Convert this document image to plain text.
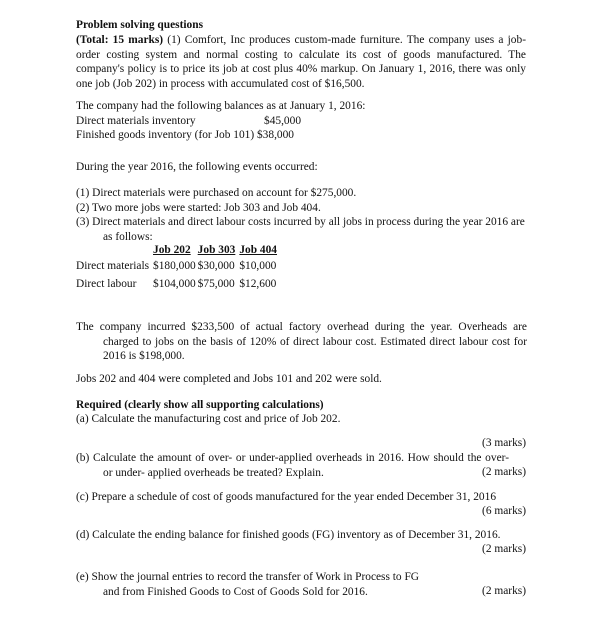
Problem solving questions
(Total: 15 marks) (1) Comfort, Inc produces custom-made furniture. The company uses a job-order costing system and normal costing to calculate its cost of goods manufactured. The company's policy is to price its job at cost plus 40% markup. On January 1, 2016, there was only one job (Job 202) in process with accumulated cost of $16,500.
The company had the following balances as at January 1, 2016:
Direct materials inventory	$45,000
Finished goods inventory (for Job 101) $38,000
During the year 2016, the following events occurred:
(1) Direct materials were purchased on account for $275,000.
(2) Two more jobs were started: Job 303 and Job 404.
(3) Direct materials and direct labour costs incurred by all jobs in process during the year 2016 are as follows:
	Job 202	Job 303	Job 404
Direct materials	$180,000	$30,000	$10,000
Direct labour	$104,000	$75,000	$12,600
The company incurred $233,500 of actual factory overhead during the year. Overheads are charged to jobs on the basis of 120% of direct labour cost. Estimated direct labour cost for 2016 is $198,000.
Jobs 202 and 404 were completed and Jobs 101 and 202 were sold.
Required (clearly show all supporting calculations)
(a) Calculate the manufacturing cost and price of Job 202.
(3 marks)
(b) Calculate the amount of over- or under-applied overheads in 2016. How should the over- or under- applied overheads be treated? Explain.	(2 marks)
(c) Prepare a schedule of cost of goods manufactured for the year ended December 31, 2016
(6 marks)
(d) Calculate the ending balance for finished goods (FG) inventory as of December 31, 2016.
(2 marks)
(e) Show the journal entries to record the transfer of Work in Process to FG and from Finished Goods to Cost of Goods Sold for 2016.	(2 marks)
